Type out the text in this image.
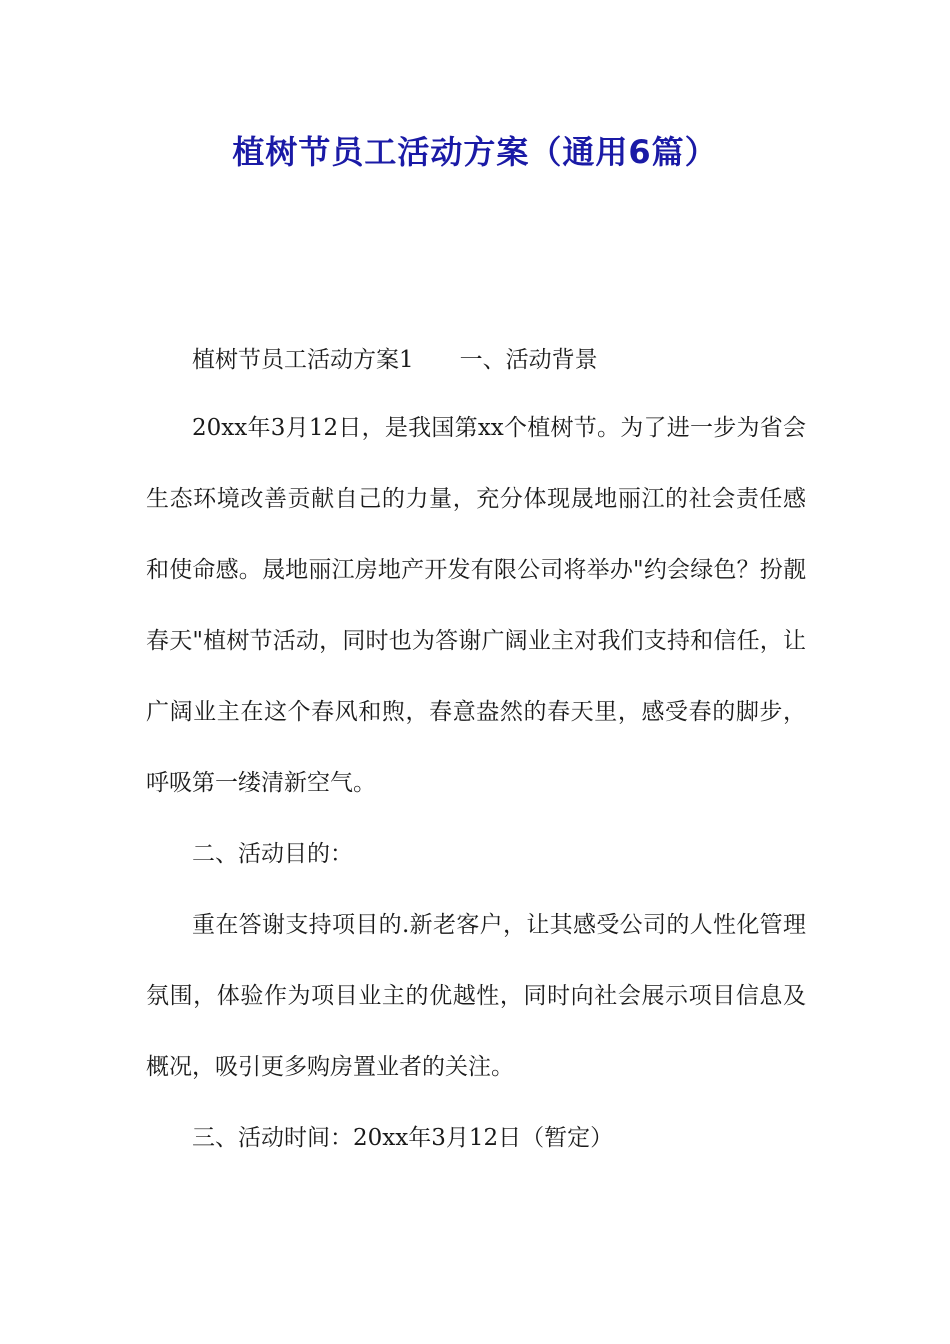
植树节员工活动方案（通用6篇）
植树节员工活动方案1 一、活动背景

20xx年3月12日，是我国第xx个植树节。为了进一步为省会生态环境改善贡献自己的力量，充分体现晟地丽江的社会责任感和使命感。晟地丽江房地产开发有限公司将举办"约会绿色？扮靓春天"植树节活动，同时也为答谢广阔业主对我们支持和信任，让广阔业主在这个春风和煦，春意盎然的春天里，感受春的脚步，呼吸第一缕清新空气。

二、活动目的：

重在答谢支持项目的.新老客户，让其感受公司的人性化管理氛围，体验作为项目业主的优越性，同时向社会展示项目信息及概况，吸引更多购房置业者的关注。

三、活动时间：20xx年3月12日（暂定）
